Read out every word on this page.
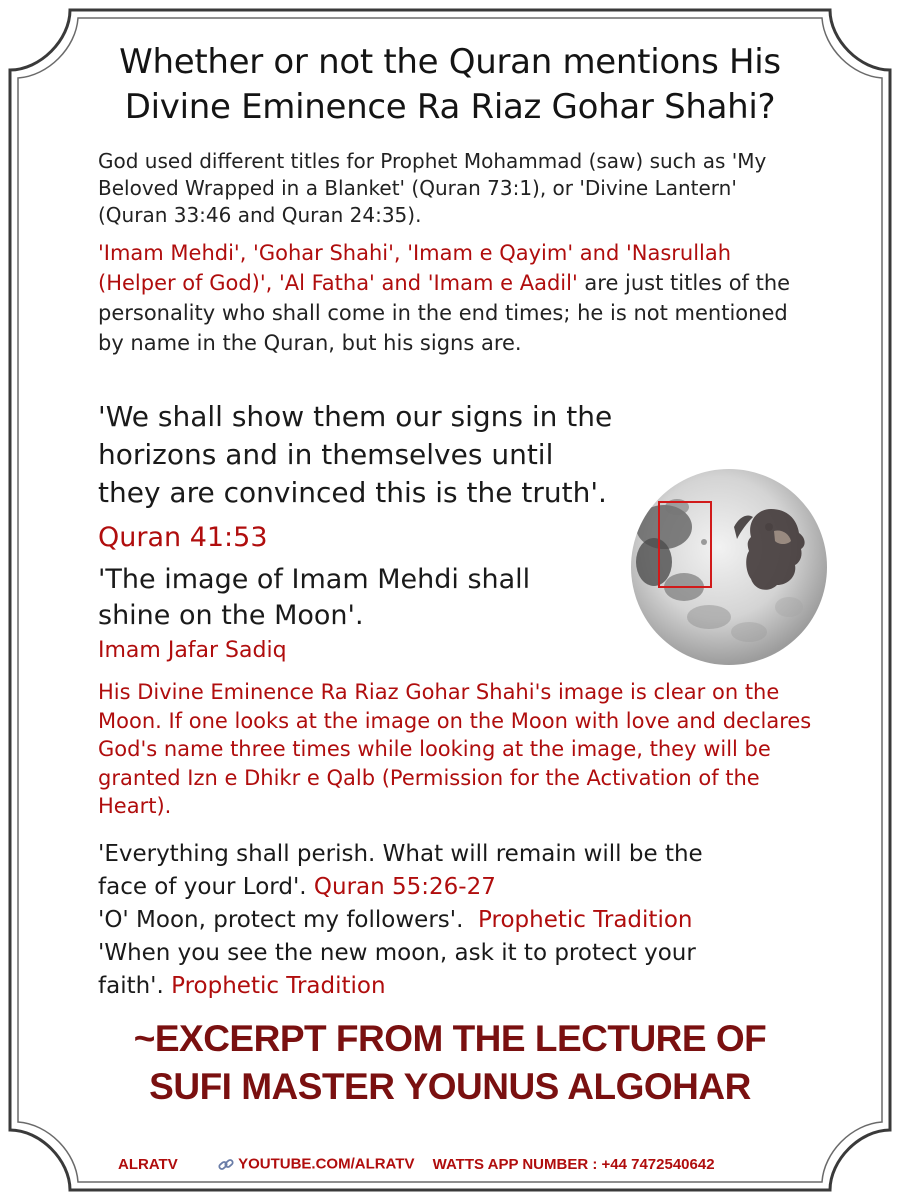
Whether or not the Quran mentions His
Divine Eminence Ra Riaz Gohar Shahi?
God used different titles for Prophet Mohammad (saw) such as 'My Beloved Wrapped in a Blanket' (Quran 73:1), or 'Divine Lantern' (Quran 33:46 and Quran 24:35).
'Imam Mehdi', 'Gohar Shahi', 'Imam e Qayim' and 'Nasrullah (Helper of God)', 'Al Fatha' and 'Imam e Aadil' are just titles of the personality who shall come in the end times; he is not mentioned by name in the Quran, but his signs are.
'We shall show them our signs in the
horizons and in themselves until
they are convinced this is the truth'.
Quran 41:53
'The image of Imam Mehdi shall
shine on the Moon'.
Imam Jafar Sadiq
His Divine Eminence Ra Riaz Gohar Shahi's image is clear on the Moon. If one looks at the image on the Moon with love and declares God's name three times while looking at the image, they will be granted Izn e Dhikr e Qalb (Permission for the Activation of the Heart).
'Everything shall perish. What will remain will be the
face of your Lord'. Quran 55:26-27
'O' Moon, protect my followers'. Prophetic Tradition
'When you see the new moon, ask it to protect your
faith'. Prophetic Tradition
~EXCERPT FROM THE LECTURE OF
SUFI MASTER YOUNUS ALGOHAR
ALRATV	YOUTUBE.COM/ALRATV WATTS APP NUMBER : +44 7472540642
